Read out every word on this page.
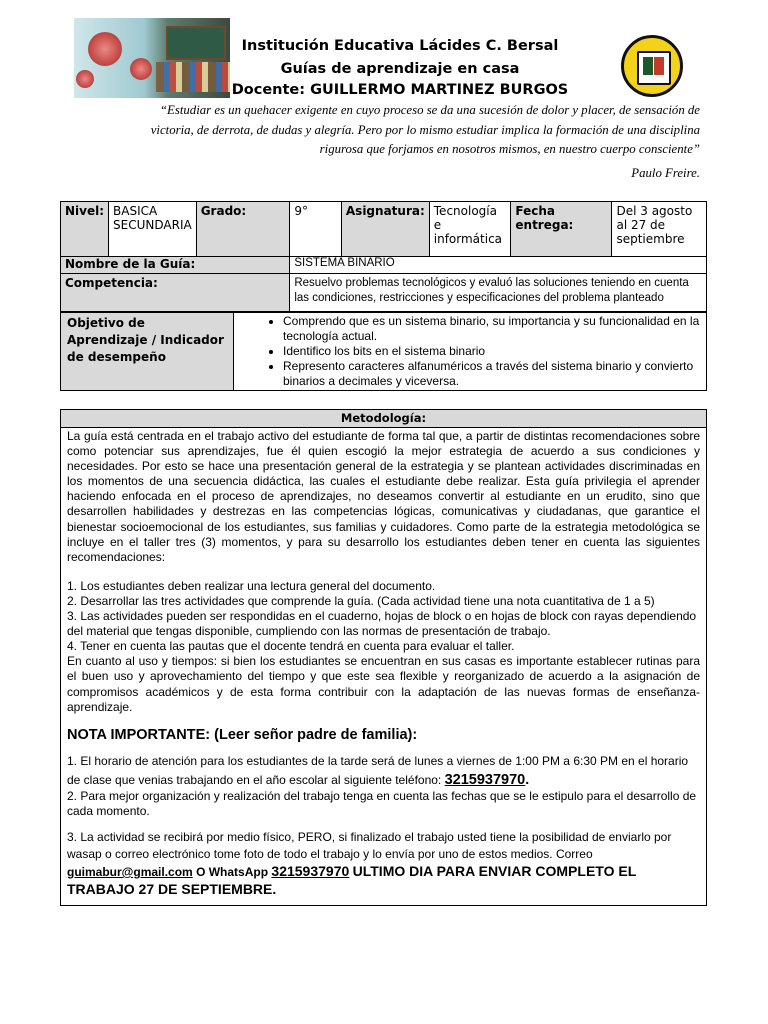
Institución Educativa Lácides C. Bersal
Guías de aprendizaje en casa
Docente: GUILLERMO MARTINEZ BURGOS
“Estudiar es un quehacer exigente en cuyo proceso se da una sucesión de dolor y placer, de sensación de
victoria, de derrota, de dudas y alegría. Pero por lo mismo estudiar implica la formación de una disciplina
rigurosa que forjamos en nosotros mismos, en nuestro cuerpo consciente”
Paulo Freire.
Nivel:	BASICA SECUNDARIA	Grado:	9°	Asignatura:	Tecnología e informática	Fecha entrega:	Del 3 agosto al 27 de septiembre
Nombre de la Guía:			SISTEMA BINARIO				
Competencia:			Resuelvo problemas tecnológicos y evaluó las soluciones teniendo en cuenta las condiciones, restricciones y especificaciones del problema planteado				
Objetivo de Aprendizaje / Indicador de desempeño	
• Comprendo que es un sistema binario, su importancia y su funcionalidad en la tecnología actual.
• Identifico los bits en el sistema binario
• Represento caracteres alfanuméricos a través del sistema binario y convierto binarios a decimales y viceversa.
Metodología:

La guía está centrada en el trabajo activo del estudiante de forma tal que, a partir de distintas recomendaciones sobre como potenciar sus aprendizajes, fue él quien escogió la mejor estrategia de acuerdo a sus condiciones y necesidades. Por esto se hace una presentación general de la estrategia y se plantean actividades discriminadas en los momentos de una secuencia didáctica, las cuales el estudiante debe realizar. Esta guía privilegia el aprender haciendo enfocada en el proceso de aprendizajes, no deseamos convertir al estudiante en un erudito, sino que desarrollen habilidades y destrezas en las competencias lógicas, comunicativas y ciudadanas, que garantice el bienestar socioemocional de los estudiantes, sus familias y cuidadores. Como parte de la estrategia metodológica se incluye en el taller tres (3) momentos, y para su desarrollo los estudiantes deben tener en cuenta las siguientes recomendaciones:

1. Los estudiantes deben realizar una lectura general del documento.

2. Desarrollar las tres actividades que comprende la guía. (Cada actividad tiene una nota cuantitativa de 1 a 5)

3. Las actividades pueden ser respondidas en el cuaderno, hojas de block o en hojas de block con rayas dependiendo del material que tengas disponible, cumpliendo con las normas de presentación de trabajo.

4. Tener en cuenta las pautas que el docente tendrá en cuenta para evaluar el taller.

En cuanto al uso y tiempos: si bien los estudiantes se encuentran en sus casas es importante establecer rutinas para el buen uso y aprovechamiento del tiempo y que este sea flexible y reorganizado de acuerdo a la asignación de compromisos académicos y de esta forma contribuir con la adaptación de las nuevas formas de enseñanza-aprendizaje.

NOTA IMPORTANTE: (Leer señor padre de familia):

1. El horario de atención para los estudiantes de la tarde será de lunes a viernes de 1:00 PM a 6:30 PM en el horario de clase que venias trabajando en el año escolar al siguiente teléfono: 3215937970.

2. Para mejor organización y realización del trabajo tenga en cuenta las fechas que se le estipulo para el desarrollo de cada momento.

3. La actividad se recibirá por medio físico, PERO, si finalizado el trabajo usted tiene la posibilidad de enviarlo por wasap o correo electrónico tome foto de todo el trabajo y lo envía por uno de estos medios. Correo guimabur@gmail.com O WhatsApp 3215937970 ULTIMO DIA PARA ENVIAR COMPLETO EL TRABAJO 27 DE SEPTIEMBRE.
